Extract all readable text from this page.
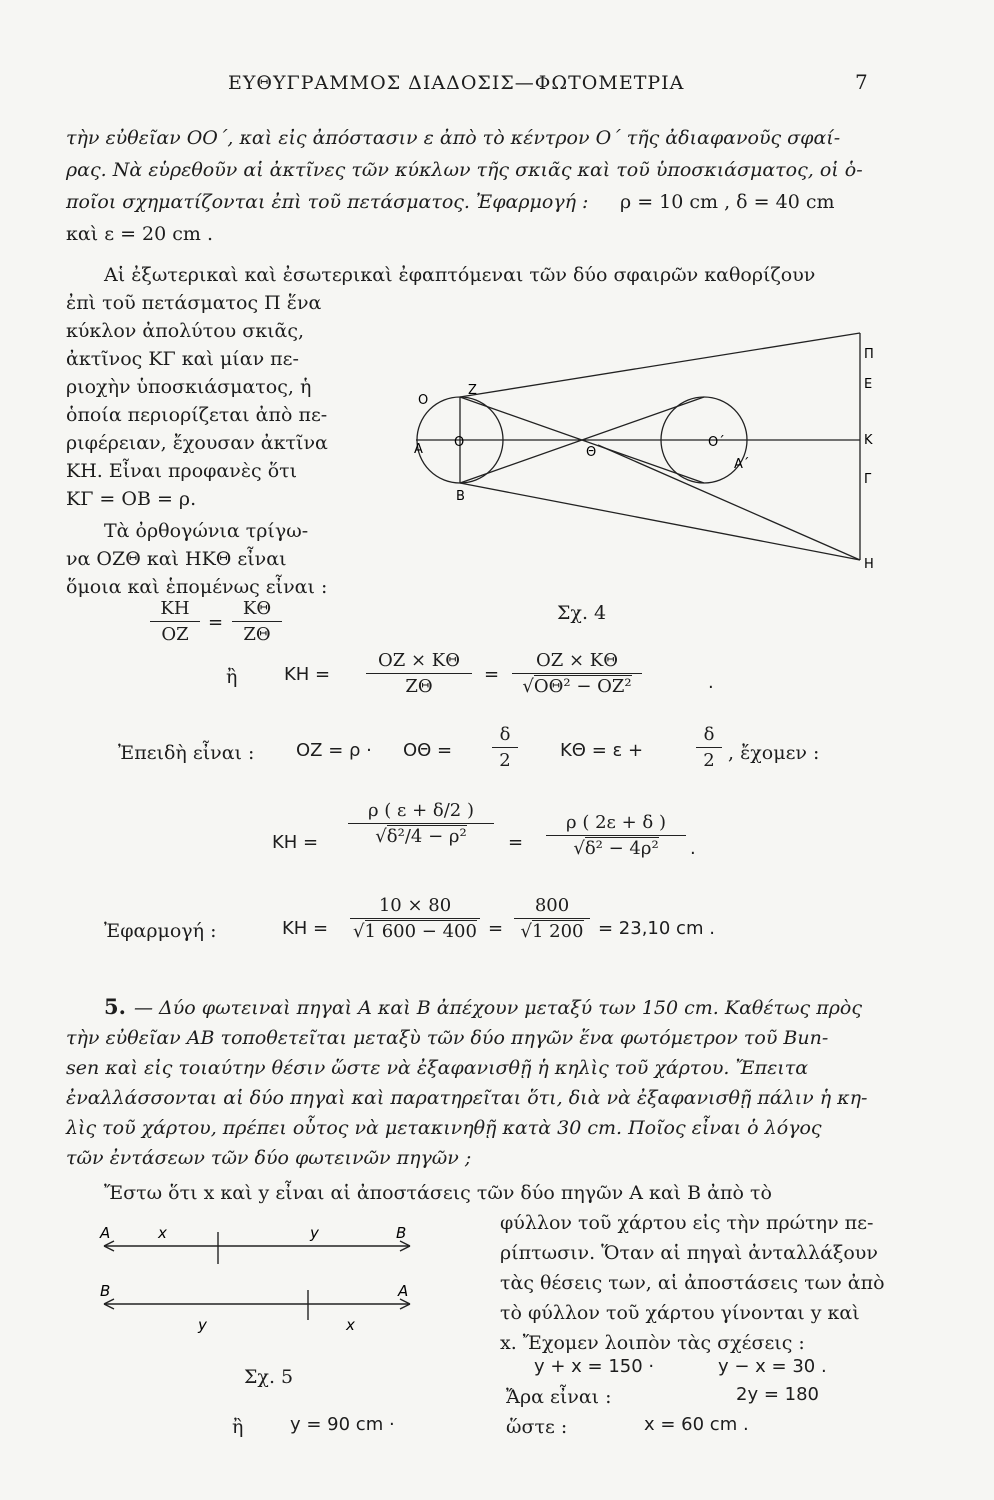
ΕΥΘΥΓΡΑΜΜΟΣ ΔΙΑΔΟΣΙΣ—ΦΩΤΟΜΕΤΡΙΑ	7
τὴν εὐθεῖαν ΟΟ΄, καὶ εἰς ἀπόστασιν ε ἀπὸ τὸ κέντρον Ο΄ τῆς ἀδιαφανοῦς σφαί-
ρας. Νὰ εὑρεθοῦν αἱ ἀκτῖνες τῶν κύκλων τῆς σκιᾶς καὶ τοῦ ὑποσκιάσματος, οἱ ὁ-
ποῖοι σχηματίζονται ἐπὶ τοῦ πετάσματος. Ἐφαρμογή : ρ = 10 cm , δ = 40 cm
καὶ ε = 20 cm .
Αἱ ἐξωτερικαὶ καὶ ἐσωτερικαὶ ἐφαπτόμεναι τῶν δύο σφαιρῶν καθορίζουν
ἐπὶ τοῦ πετάσματος Π ἕνα
κύκλον ἀπολύτου σκιᾶς,
ἀκτῖνος ΚΓ καὶ μίαν πε-
ριοχὴν ὑποσκιάσματος, ἡ
ὁποία περιορίζεται ἀπὸ πε-
ριφέρειαν, ἔχουσαν ἀκτῖνα
ΚΗ. Εἶναι προφανὲς ὅτι
ΚΓ = ΟΒ = ρ.
Τὰ ὀρθογώνια τρίγω-
να ΟΖΘ καὶ ΗΚΘ εἶναι
ὅμοια καὶ ἑπομένως εἶναι :
ΚΗ
ΟΖ
=
ΚΘ
ΖΘ
Ζ
Ο
Ο
Α
Β
Θ
Ο΄
Α΄
Π
Ε
Κ
Γ
Η
Σχ. 4
ἢ	ΚΗ =
ΟΖ × ΚΘ
ΖΘ
=
ΟΖ × ΚΘ
√ΟΘ² − ΟΖ²	.
Ἐπειδὴ εἶναι : ΟΖ = ρ · ΟΘ =
δ
2	ΚΘ = ε +
δ
2 , ἔχομεν :
ΚΗ =
ρ ( ε + δ/2 )
√δ²/4 − ρ²	=
ρ ( 2ε + δ )
√δ² − 4ρ²	.
Ἐφαρμογή :	ΚΗ =
10 × 80
√1 600 − 400 =
800
√1 200 = 23,10 cm .
5. — Δύο φωτειναὶ πηγαὶ Α καὶ Β ἀπέχουν μεταξύ των 150 cm. Καθέτως πρὸς
τὴν εὐθεῖαν ΑΒ τοποθετεῖται μεταξὺ τῶν δύο πηγῶν ἕνα φωτόμετρον τοῦ Bun-
sen καὶ εἰς τοιαύτην θέσιν ὥστε νὰ ἐξαφανισθῇ ἡ κηλὶς τοῦ χάρτου. Ἔπειτα
ἐναλλάσσονται αἱ δύο πηγαὶ καὶ παρατηρεῖται ὅτι, διὰ νὰ ἐξαφανισθῇ πάλιν ἡ κη-
λὶς τοῦ χάρτου, πρέπει οὗτος νὰ μετακινηθῇ κατὰ 30 cm. Ποῖος εἶναι ὁ λόγος
τῶν ἐντάσεων τῶν δύο φωτεινῶν πηγῶν ;
Ἔστω ὅτι x καὶ y εἶναι αἱ ἀποστάσεις τῶν δύο πηγῶν Α καὶ Β ἀπὸ τὸ
φύλλον τοῦ χάρτου εἰς τὴν πρώτην πε-
ρίπτωσιν. Ὅταν αἱ πηγαὶ ἀνταλλάξουν
τὰς θέσεις των, αἱ ἀποστάσεις των ἀπὸ
τὸ φύλλον τοῦ χάρτου γίνονται y καὶ
x. Ἔχομεν λοιπὸν τὰς σχέσεις :
y + x = 150 ·	y − x = 30 .
Ἄρα εἶναι :	2y = 180
ἢ	y = 90 cm ·	ὥστε :	x = 60 cm .
A	x	y	B
B
y	x
A
Σχ. 5
